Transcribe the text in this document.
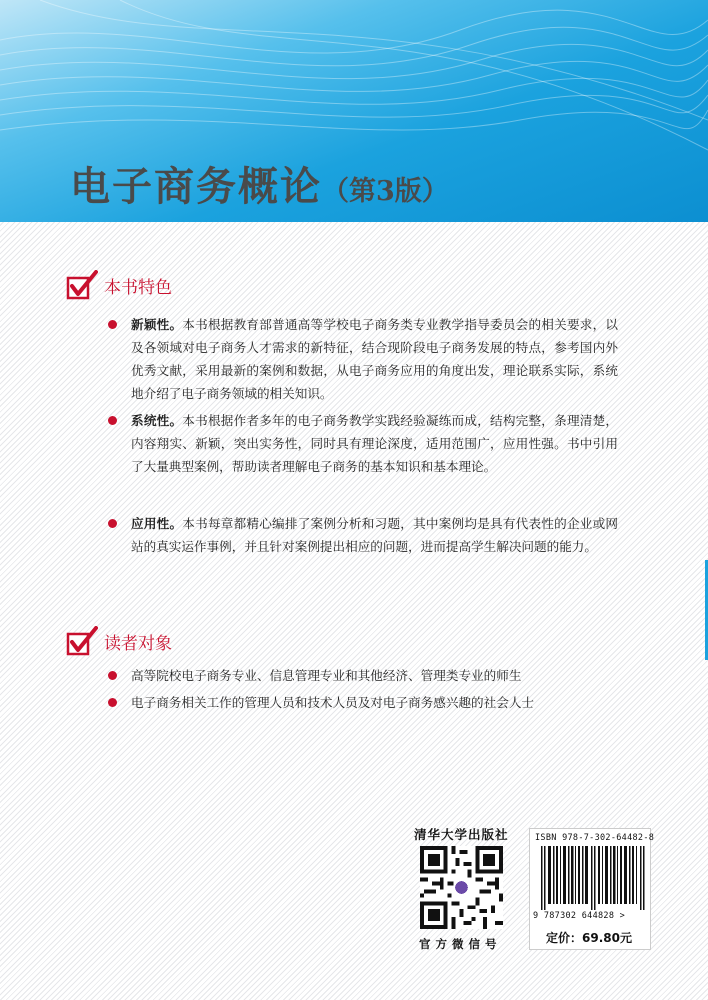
电子商务概论（第3版）
本书特色
新颖性。本书根据教育部普通高等学校电子商务类专业教学指导委员会的相关要求，以及各领域对电子商务人才需求的新特征，结合现阶段电子商务发展的特点，参考国内外优秀文献，采用最新的案例和数据，从电子商务应用的角度出发，理论联系实际，系统地介绍了电子商务领域的相关知识。
系统性。本书根据作者多年的电子商务教学实践经验凝练而成，结构完整，条理清楚，内容翔实、新颖，突出实务性，同时具有理论深度，适用范围广，应用性强。书中引用了大量典型案例，帮助读者理解电子商务的基本知识和基本理论。
应用性。本书每章都精心编排了案例分析和习题，其中案例均是具有代表性的企业或网站的真实运作事例，并且针对案例提出相应的问题，进而提高学生解决问题的能力。
读者对象
高等院校电子商务专业、信息管理专业和其他经济、管理类专业的师生
电子商务相关工作的管理人员和技术人员及对电子商务感兴趣的社会人士
清华大学出版社
官方微信号
ISBN 978-7-302-64482-8
9 787302 644828 >
定价：69.80元
